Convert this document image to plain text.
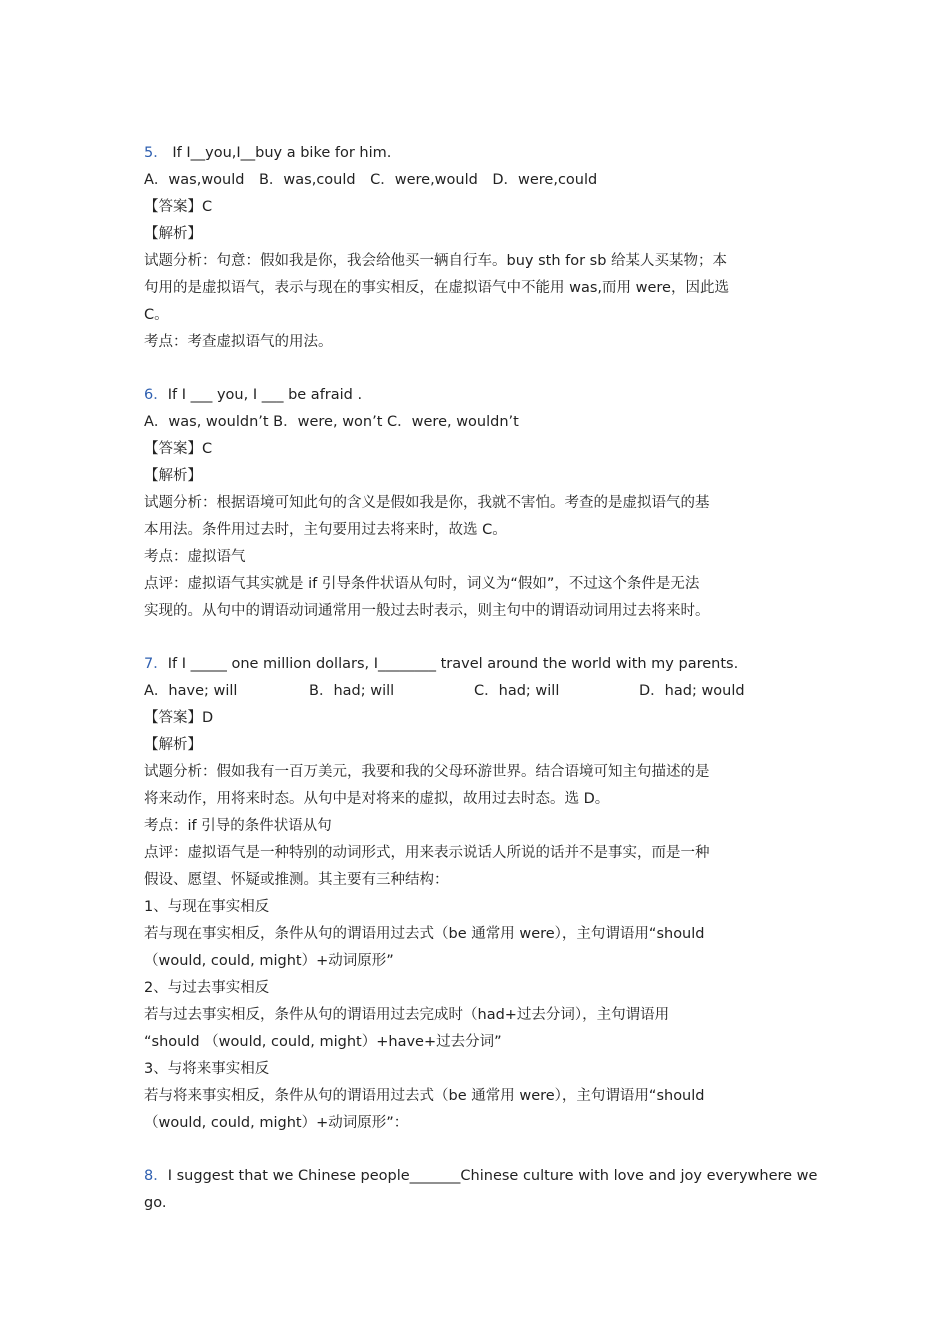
5． If I__you,I__buy a bike for him.
A．was,would　B．was,could　C．were,would　D．were,could
【答案】C
【解析】
试题分析：句意：假如我是你，我会给他买一辆自行车。buy sth for sb 给某人买某物；本
句用的是虚拟语气，表示与现在的事实相反，在虚拟语气中不能用 was,而用 were，因此选
C。
考点：考查虚拟语气的用法。
6．If I ___ you, I ___ be afraid .
A．was, wouldn’t B．were, won’t C．were, wouldn’t
【答案】C
【解析】
试题分析：根据语境可知此句的含义是假如我是你，我就不害怕。考查的是虚拟语气的基
本用法。条件用过去时，主句要用过去将来时，故选 C。
考点：虚拟语气
点评：虚拟语气其实就是 if 引导条件状语从句时，词义为“假如”，不过这个条件是无法
实现的。从句中的谓语动词通常用一般过去时表示，则主句中的谓语动词用过去将来时。
7．If I _____ one million dollars, I________ travel around the world with my parents.
A．have; will	B．had; will	C．had; will	D．had; would
【答案】D
【解析】
试题分析：假如我有一百万美元，我要和我的父母环游世界。结合语境可知主句描述的是
将来动作，用将来时态。从句中是对将来的虚拟，故用过去时态。选 D。
考点：if 引导的条件状语从句
点评：虚拟语气是一种特别的动词形式，用来表示说话人所说的话并不是事实，而是一种
假设、愿望、怀疑或推测。其主要有三种结构：
1、与现在事实相反
若与现在事实相反，条件从句的谓语用过去式（be 通常用 were），主句谓语用“should
（would, could, might）+动词原形”
2、与过去事实相反
若与过去事实相反，条件从句的谓语用过去完成时（had+过去分词），主句谓语用
“should （would, could, might）+have+过去分词”
3、与将来事实相反
若与将来事实相反，条件从句的谓语用过去式（be 通常用 were），主句谓语用“should
（would, could, might）+动词原形”：
8．I suggest that we Chinese people_______Chinese culture with love and joy everywhere we
go.
